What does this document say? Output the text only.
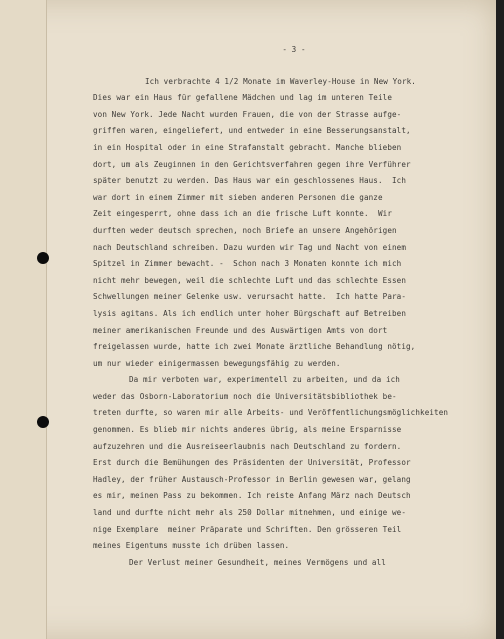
- 3 -
Ich verbrachte 4 1/2 Monate im Waverley-House in New York.
Dies war ein Haus für gefallene Mädchen und lag im unteren Teile
von New York. Jede Nacht wurden Frauen, die von der Strasse aufge-
griffen waren, eingeliefert, und entweder in eine Besserungsanstalt,
in ein Hospital oder in eine Strafanstalt gebracht. Manche blieben
dort, um als Zeuginnen in den Gerichtsverfahren gegen ihre Verführer
später benutzt zu werden. Das Haus war ein geschlossenes Haus.  Ich
war dort in einem Zimmer mit sieben anderen Personen die ganze
Zeit eingesperrt, ohne dass ich an die frische Luft konnte.  Wir
durften weder deutsch sprechen, noch Briefe an unsere Angehörigen
nach Deutschland schreiben. Dazu wurden wir Tag und Nacht von einem
Spitzel in Zimmer bewacht. -  Schon nach 3 Monaten konnte ich mich
nicht mehr bewegen, weil die schlechte Luft und das schlechte Essen
Schwellungen meiner Gelenke usw. verursacht hatte.  Ich hatte Para-
lysis agitans. Als ich endlich unter hoher Bürgschaft auf Betreiben
meiner amerikanischen Freunde und des Auswärtigen Amts von dort
freigelassen wurde, hatte ich zwei Monate ärztliche Behandlung nötig,
um nur wieder einigermassen bewegungsfähig zu werden.
Da mir verboten war, experimentell zu arbeiten, und da ich
weder das Osborn-Laboratorium noch die Universitätsbibliothek be-
treten durfte, so waren mir alle Arbeits- und Veröffentlichungsmöglichkeiten
genommen. Es blieb mir nichts anderes übrig, als meine Ersparnisse
aufzuzehren und die Ausreiseerlaubnis nach Deutschland zu fordern.
Erst durch die Bemühungen des Präsidenten der Universität, Professor
Hadley, der früher Austausch-Professor in Berlin gewesen war, gelang
es mir, meinen Pass zu bekommen. Ich reiste Anfang März nach Deutsch
land und durfte nicht mehr als 250 Dollar mitnehmen, und einige we-
nige Exemplare  meiner Präparate und Schriften. Den grösseren Teil
meines Eigentums musste ich drüben lassen.
Der Verlust meiner Gesundheit, meines Vermögens und all
